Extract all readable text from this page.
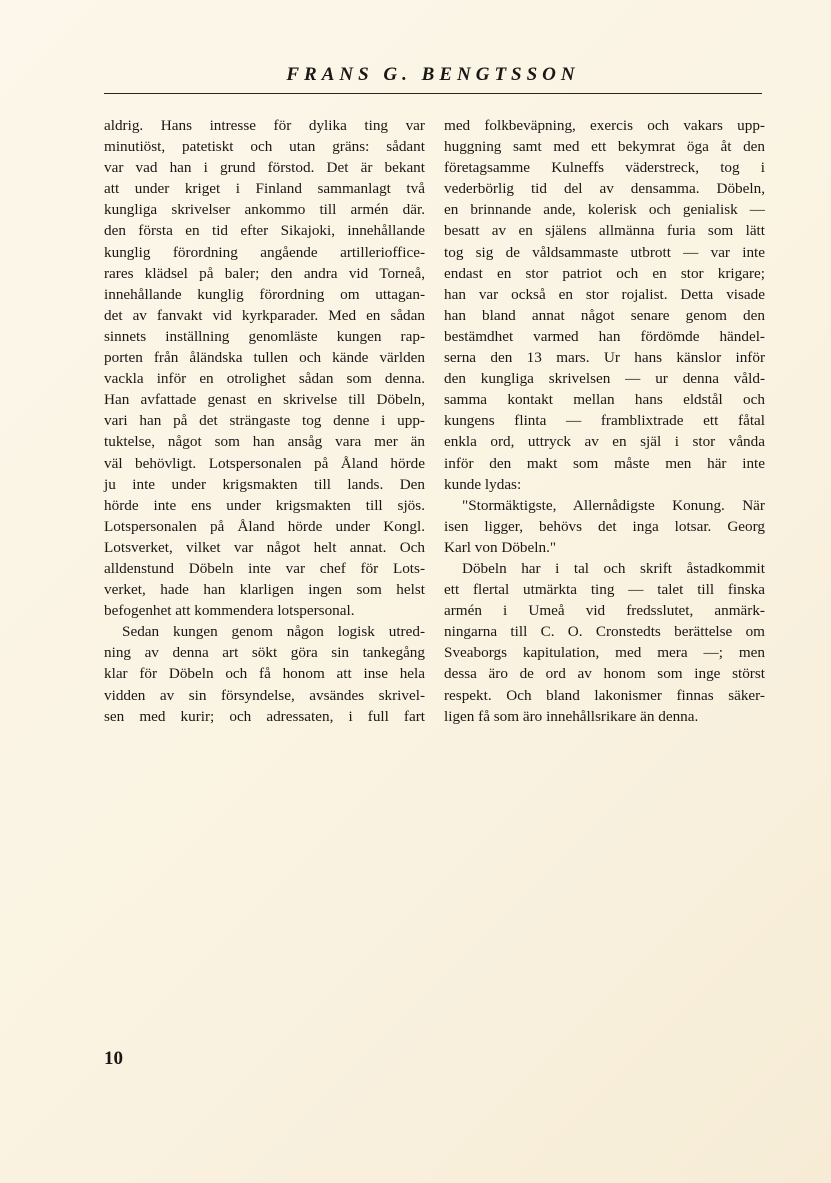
FRANS G. BENGTSSON
aldrig. Hans intresse för dylika ting var
minutiöst, patetiskt och utan gräns: sådant
var vad han i grund förstod. Det är bekant
att under kriget i Finland sammanlagt två
kungliga skrivelser ankommo till armén där.
den första en tid efter Sikajoki, innehållande
kunglig förordning angående artillerioffice-
rares klädsel på baler; den andra vid Torneå,
innehållande kunglig förordning om uttagan-
det av fanvakt vid kyrkparader. Med en sådan
sinnets inställning genomläste kungen rap-
porten från åländska tullen och kände världen
vackla inför en otrolighet sådan som denna.
Han avfattade genast en skrivelse till Döbeln,
vari han på det strängaste tog denne i upp-
tuktelse, något som han ansåg vara mer än
väl behövligt. Lotspersonalen på Åland hörde
ju inte under krigsmakten till lands. Den
hörde inte ens under krigsmakten till sjös.
Lotspersonalen på Åland hörde under Kongl.
Lotsverket, vilket var något helt annat. Och
alldenstund Döbeln inte var chef för Lots-
verket, hade han klarligen ingen som helst
befogenhet att kommendera lotspersonal.
Sedan kungen genom någon logisk utred-
ning av denna art sökt göra sin tankegång
klar för Döbeln och få honom att inse hela
vidden av sin försyndelse, avsändes skrivel-
sen med kurir; och adressaten, i full fart
med folkbeväpning, exercis och vakars upp-
huggning samt med ett bekymrat öga åt den
företagsamme Kulneffs väderstreck, tog i
vederbörlig tid del av densamma. Döbeln,
en brinnande ande, kolerisk och genialisk —
besatt av en själens allmänna furia som lätt
tog sig de våldsammaste utbrott — var inte
endast en stor patriot och en stor krigare;
han var också en stor rojalist. Detta visade
han bland annat något senare genom den
bestämdhet varmed han fördömde händel-
serna den 13 mars. Ur hans känslor inför
den kungliga skrivelsen — ur denna våld-
samma kontakt mellan hans eldstål och
kungens flinta — framblixtrade ett fåtal
enkla ord, uttryck av en själ i stor vånda
inför den makt som måste men här inte
kunde lydas:
"Stormäktigste, Allernådigste Konung. När
isen ligger, behövs det inga lotsar. Georg
Karl von Döbeln."
Döbeln har i tal och skrift åstadkommit
ett flertal utmärkta ting — talet till finska
armén i Umeå vid fredsslutet, anmärk-
ningarna till C. O. Cronstedts berättelse om
Sveaborgs kapitulation, med mera —; men
dessa äro de ord av honom som inge störst
respekt. Och bland lakonismer finnas säker-
ligen få som äro innehållsrikare än denna.
10
